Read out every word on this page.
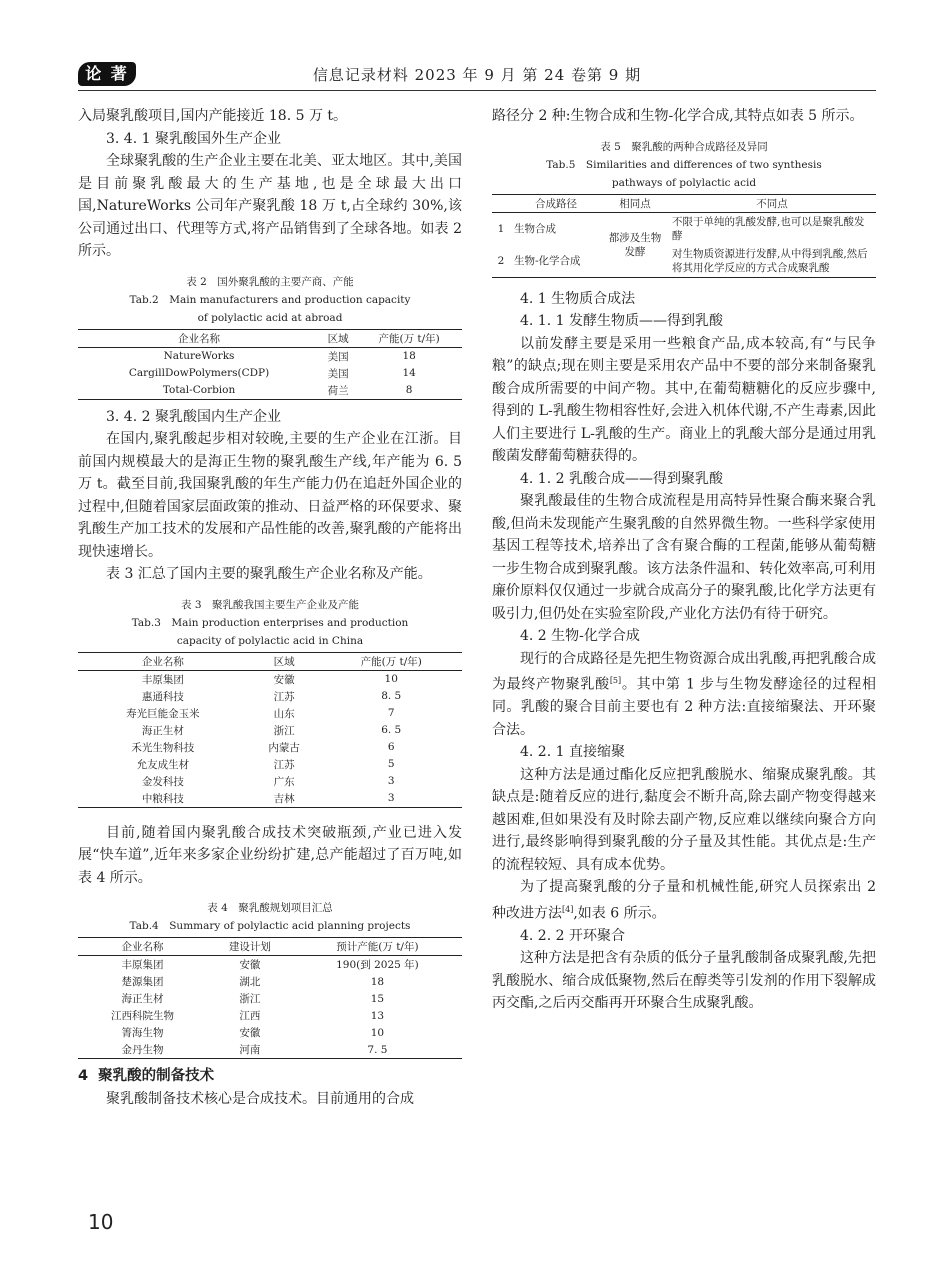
论 著	信息记录材料 2023 年 9 月 第 24 卷第 9 期

入局聚乳酸项目,国内产能接近 18. 5 万 t。

3. 4. 1 聚乳酸国外生产企业

全球聚乳酸的生产企业主要在北美、亚太地区。其中,美国是目前聚乳酸最大的生产基地,也是全球最大出口国,NatureWorks 公司年产聚乳酸 18 万 t,占全球约 30%,该公司通过出口、代理等方式,将产品销售到了全球各地。如表 2 所示。

表 2　国外聚乳酸的主要产商、产能
Tab.2　Main manufacturers and production capacity
of polylactic acid at abroad
企业名称	区域	产能(万 t/年)
NatureWorks	美国	18
CargillDowPolymers(CDP)	美国	14
Total-Corbion	荷兰	8

3. 4. 2 聚乳酸国内生产企业

在国内,聚乳酸起步相对较晚,主要的生产企业在江浙。目前国内规模最大的是海正生物的聚乳酸生产线,年产能为 6. 5 万 t。截至目前,我国聚乳酸的年生产能力仍在追赶外国企业的过程中,但随着国家层面政策的推动、日益严格的环保要求、聚乳酸生产加工技术的发展和产品性能的改善,聚乳酸的产能将出现快速增长。

表 3 汇总了国内主要的聚乳酸生产企业名称及产能。

表 3　聚乳酸我国主要生产企业及产能
Tab.3　Main production enterprises and production
capacity of polylactic acid in China
企业名称	区域	产能(万 t/年)
丰原集团	安徽	10
惠通科技	江苏	8. 5
寿光巨能金玉米	山东	7
海正生材	浙江	6. 5
禾光生物科技	内蒙古	6
允友成生材	江苏	5
金发科技	广东	3
中粮科技	吉林	3

目前,随着国内聚乳酸合成技术突破瓶颈,产业已进入发展“快车道”,近年来多家企业纷纷扩建,总产能超过了百万吨,如表 4 所示。

表 4　聚乳酸规划项目汇总
Tab.4　Summary of polylactic acid planning projects
企业名称	建设计划	预计产能(万 t/年)
丰原集团	安徽	190(到 2025 年)
楚源集团	湖北	18
海正生材	浙江	15
江西科院生物	江西	13
箐海生物	安徽	10
金丹生物	河南	7. 5
4 聚乳酸的制备技术

聚乳酸制备技术核心是合成技术。目前通用的合成

路径分 2 种:生物合成和生物-化学合成,其特点如表 5 所示。

表 5　聚乳酸的两种合成路径及异同
Tab.5　Similarities and differences of two synthesis
pathways of polylactic acid
	合成路径	相同点	不同点
1	生物合成	都涉及生物发酵	不限于单纯的乳酸发酵,也可以是聚乳酸发酵
2	生物-化学合成		对生物质资源进行发酵,从中得到乳酸,然后将其用化学反应的方式合成聚乳酸

4. 1 生物质合成法

4. 1. 1 发酵生物质——得到乳酸

以前发酵主要是采用一些粮食产品,成本较高,有“与民争粮”的缺点;现在则主要是采用农产品中不要的部分来制备聚乳酸合成所需要的中间产物。其中,在葡萄糖糖化的反应步骤中,得到的 L-乳酸生物相容性好,会进入机体代谢,不产生毒素,因此人们主要进行 L-乳酸的生产。商业上的乳酸大部分是通过用乳酸菌发酵葡萄糖获得的。

4. 1. 2 乳酸合成——得到聚乳酸

聚乳酸最佳的生物合成流程是用高特异性聚合酶来聚合乳酸,但尚未发现能产生聚乳酸的自然界微生物。一些科学家使用基因工程等技术,培养出了含有聚合酶的工程菌,能够从葡萄糖一步生物合成到聚乳酸。该方法条件温和、转化效率高,可利用廉价原料仅仅通过一步就合成高分子的聚乳酸,比化学方法更有吸引力,但仍处在实验室阶段,产业化方法仍有待于研究。

4. 2 生物-化学合成

现行的合成路径是先把生物资源合成出乳酸,再把乳酸合成为最终产物聚乳酸[5]。其中第 1 步与生物发酵途径的过程相同。乳酸的聚合目前主要也有 2 种方法:直接缩聚法、开环聚合法。

4. 2. 1 直接缩聚

这种方法是通过酯化反应把乳酸脱水、缩聚成聚乳酸。其缺点是:随着反应的进行,黏度会不断升高,除去副产物变得越来越困难,但如果没有及时除去副产物,反应难以继续向聚合方向进行,最终影响得到聚乳酸的分子量及其性能。其优点是:生产的流程较短、具有成本优势。

为了提高聚乳酸的分子量和机械性能,研究人员探索出 2 种改进方法[4],如表 6 所示。

4. 2. 2 开环聚合

这种方法是把含有杂质的低分子量乳酸制备成聚乳酸,先把乳酸脱水、缩合成低聚物,然后在醇类等引发剂的作用下裂解成丙交酯,之后丙交酯再开环聚合生成聚乳酸。

10
